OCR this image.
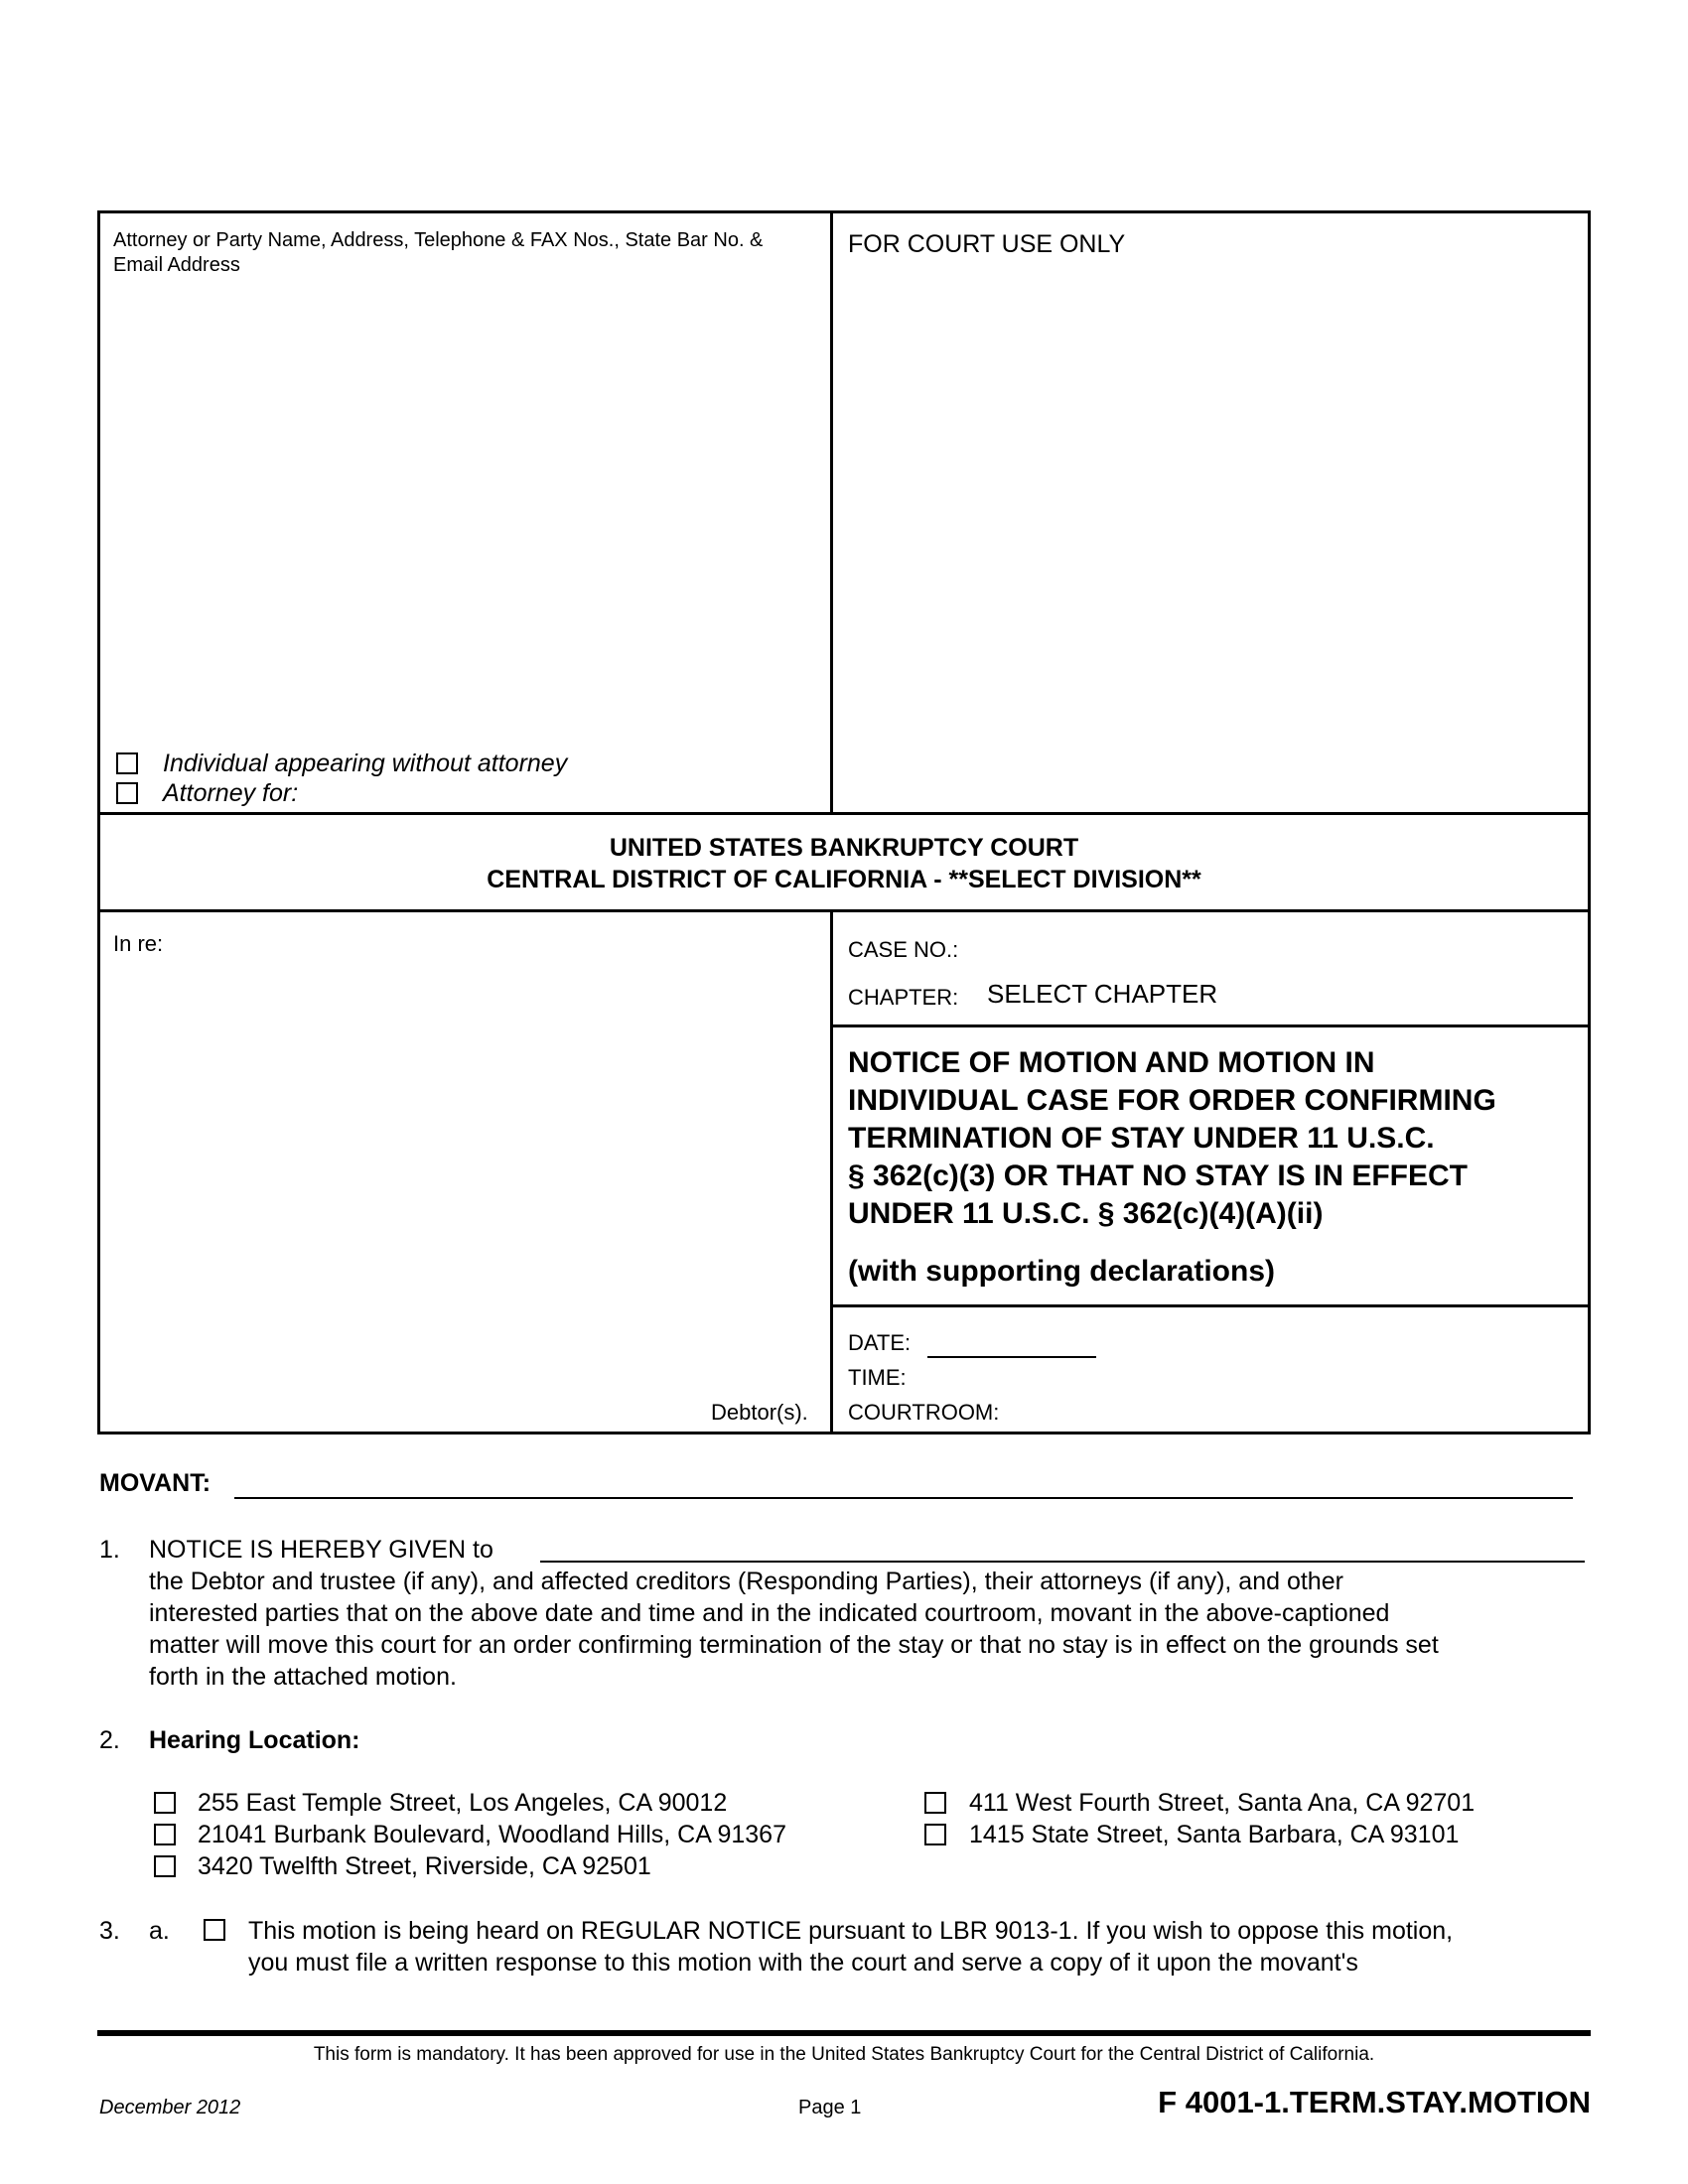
Attorney or Party Name, Address, Telephone & FAX Nos., State Bar No. & Email Address
FOR COURT USE ONLY
Individual appearing without attorney
Attorney for:
UNITED STATES BANKRUPTCY COURT
CENTRAL DISTRICT OF CALIFORNIA - **SELECT DIVISION**
In re:
Debtor(s).
CASE NO.:
CHAPTER: SELECT CHAPTER
NOTICE OF MOTION AND MOTION IN
INDIVIDUAL CASE FOR ORDER CONFIRMING
TERMINATION OF STAY UNDER 11 U.S.C.
§ 362(c)(3) OR THAT NO STAY IS IN EFFECT
UNDER 11 U.S.C. § 362(c)(4)(A)(ii)
(with supporting declarations)
DATE:
TIME:
COURTROOM:
MOVANT:
1. NOTICE IS HEREBY GIVEN to
the Debtor and trustee (if any), and affected creditors (Responding Parties), their attorneys (if any), and other
interested parties that on the above date and time and in the indicated courtroom, movant in the above-captioned
matter will move this court for an order confirming termination of the stay or that no stay is in effect on the grounds set
forth in the attached motion.
2. Hearing Location:
255 East Temple Street, Los Angeles, CA 90012
21041 Burbank Boulevard, Woodland Hills, CA 91367
3420 Twelfth Street, Riverside, CA 92501
411 West Fourth Street, Santa Ana, CA 92701
1415 State Street, Santa Barbara, CA 93101
3. a.	This motion is being heard on REGULAR NOTICE pursuant to LBR 9013-1. If you wish to oppose this motion,
you must file a written response to this motion with the court and serve a copy of it upon the movant's
This form is mandatory. It has been approved for use in the United States Bankruptcy Court for the Central District of California.
December 2012	Page 1	F 4001-1.TERM.STAY.MOTION
